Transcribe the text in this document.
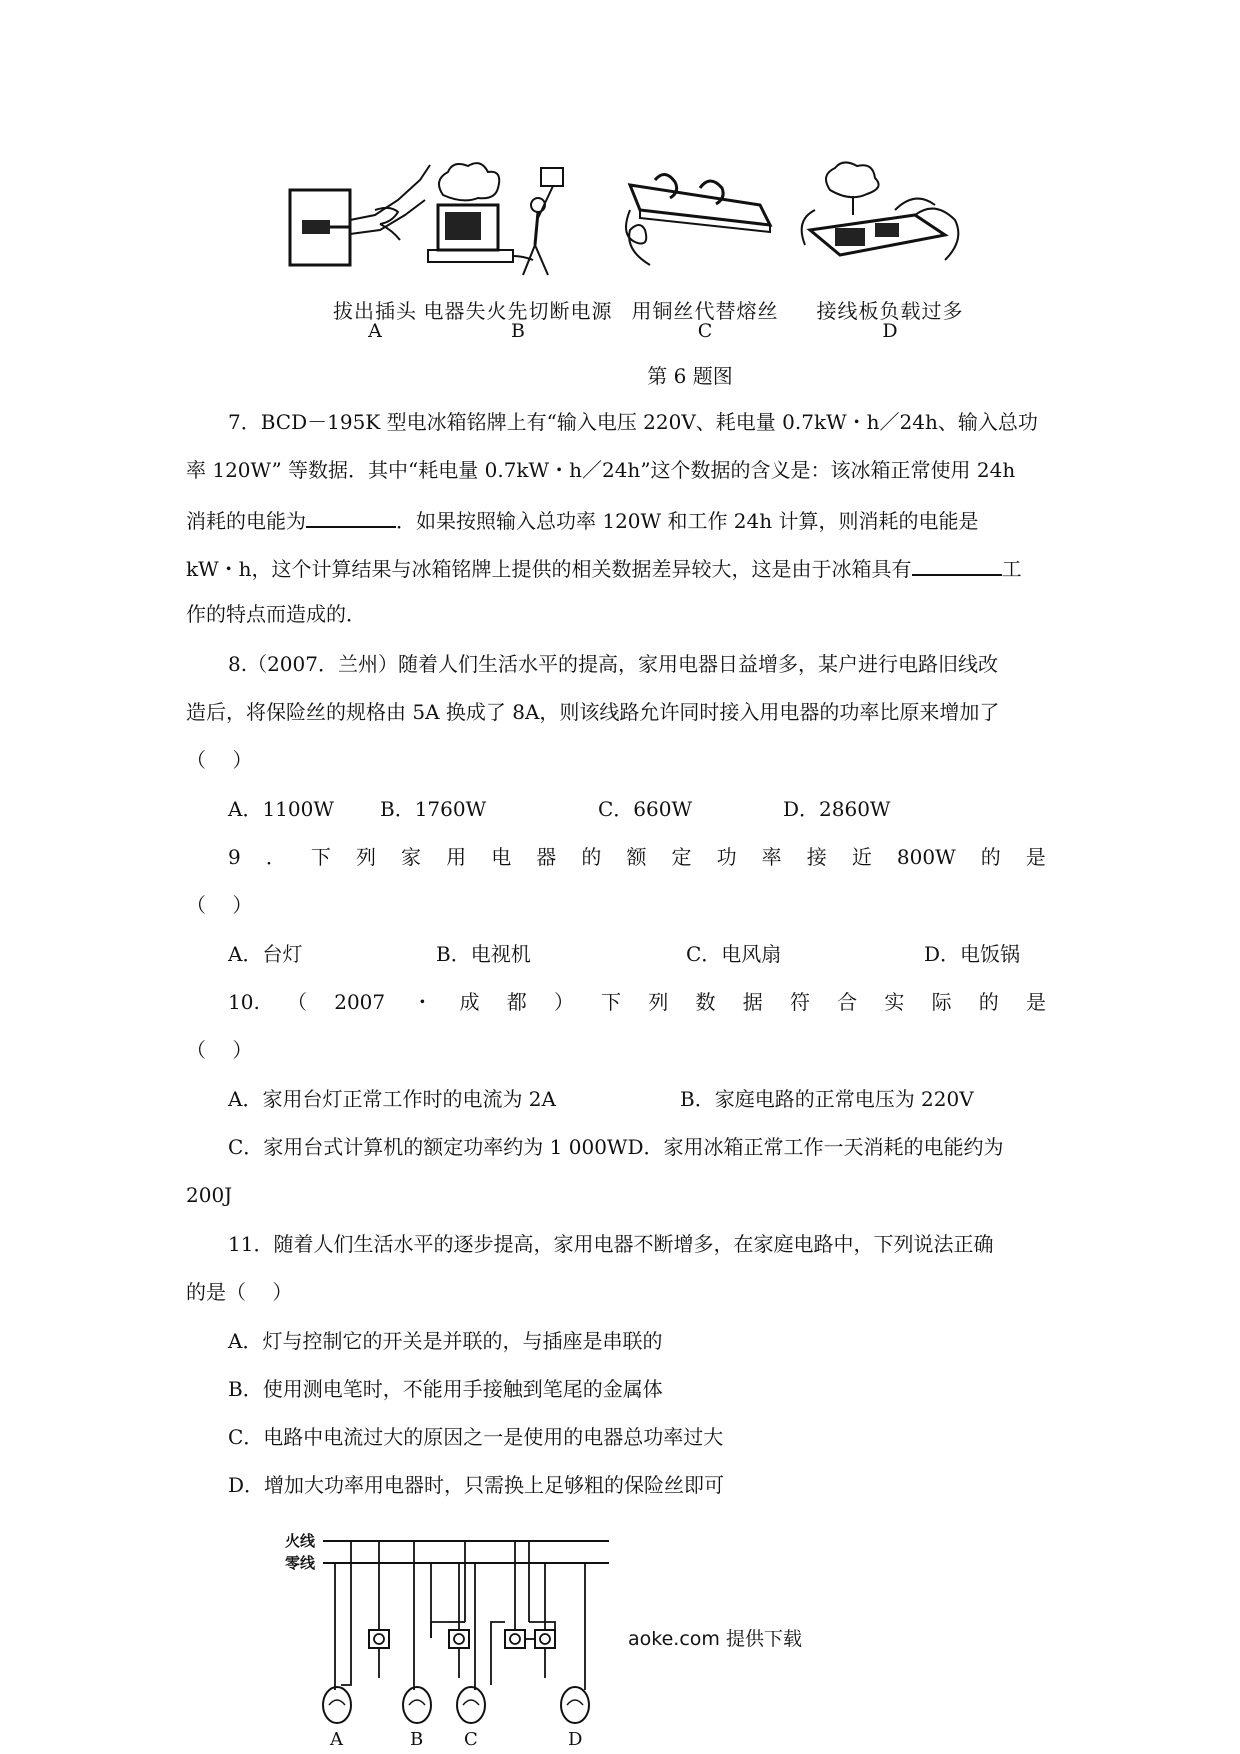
拔出插头
A
电器失火先切断电源
B
用铜丝代替熔丝
C
接线板负载过多
D
第 6 题图
7．BCD－195K 型电冰箱铭牌上有“输入电压 220V、耗电量 0.7kW・h／24h、输入总功
率 120W” 等数据．其中“耗电量 0.7kW・h／24h”这个数据的含义是：该冰箱正常使用 24h
消耗的电能为	．如果按照输入总功率 120W 和工作 24h 计算，则消耗的电能是
kW・h，这个计算结果与冰箱铭牌上提供的相关数据差异较大，这是由于冰箱具有	工
作的特点而造成的．
8.（2007．兰州）随着人们生活水平的提高，家用电器日益增多，某户进行电路旧线改
造后，将保险丝的规格由 5A 换成了 8A，则该线路允许同时接入用电器的功率比原来增加了
（　 ）
A．1100W B．1760W	C．660W	D．2860W
9 ． 下 列 家 用 电 器 的 额 定 功 率 接 近 800W 的 是
（　 ）
A．台灯	B．电视机	C．电风扇	D．电饭锅
10. （ 2007 ・ 成 都 ） 下 列 数 据 符 合 实 际 的 是
（　 ）
A．家用台灯正常工作时的电流为 2A	B．家庭电路的正常电压为 220V
C．家用台式计算机的额定功率约为 1 000WD．家用冰箱正常工作一天消耗的电能约为
200J
11．随着人们生活水平的逐步提高，家用电器不断增多，在家庭电路中，下列说法正确
的是（　 ）
A．灯与控制它的开关是并联的，与插座是串联的
B．使用测电笔时，不能用手接触到笔尾的金属体
C．电路中电流过大的原因之一是使用的电器总功率过大
D．增加大功率用电器时，只需换上足够粗的保险丝即可
火线
零线
A	B C	D
aoke.com 提供下载
